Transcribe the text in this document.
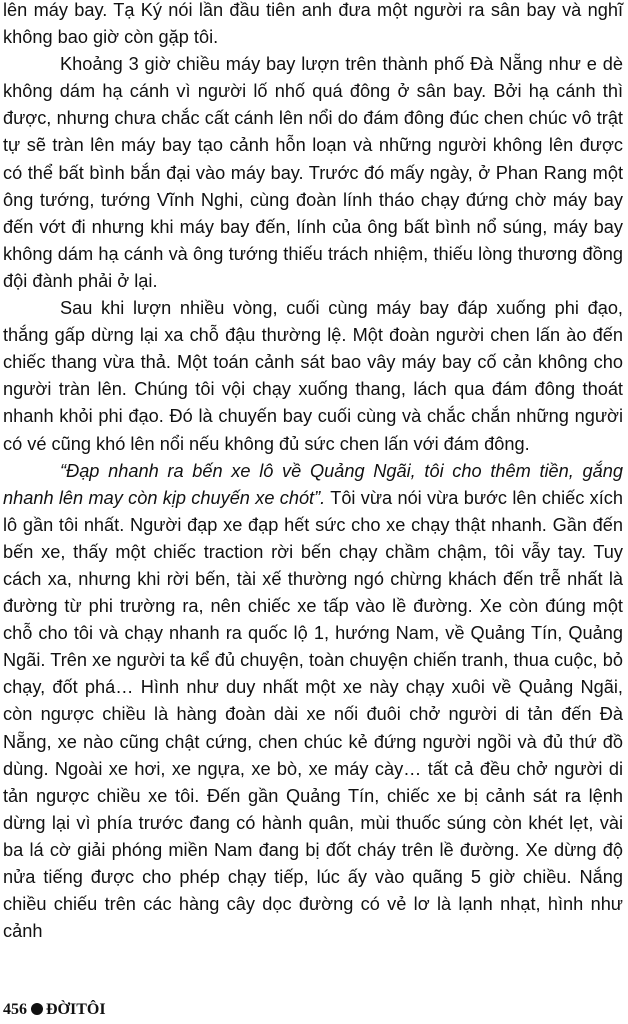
lên máy bay. Tạ Ký nói lần đầu tiên anh đưa một người ra sân bay và nghĩ không bao giờ còn gặp tôi.

Khoảng 3 giờ chiều máy bay lượn trên thành phố Đà Nẵng như e dè không dám hạ cánh vì người lố nhố quá đông ở sân bay. Bởi hạ cánh thì được, nhưng chưa chắc cất cánh lên nổi do đám đông đúc chen chúc vô trật tự sẽ tràn lên máy bay tạo cảnh hỗn loạn và những người không lên được có thể bất bình bắn đại vào máy bay. Trước đó mấy ngày, ở Phan Rang một ông tướng, tướng Vĩnh Nghi, cùng đoàn lính tháo chạy đứng chờ máy bay đến vớt đi nhưng khi máy bay đến, lính của ông bất bình nổ súng, máy bay không dám hạ cánh và ông tướng thiếu trách nhiệm, thiếu lòng thương đồng đội đành phải ở lại.

Sau khi lượn nhiều vòng, cuối cùng máy bay đáp xuống phi đạo, thắng gấp dừng lại xa chỗ đậu thường lệ. Một đoàn người chen lấn ào đến chiếc thang vừa thả. Một toán cảnh sát bao vây máy bay cố cản không cho người tràn lên. Chúng tôi vội chạy xuống thang, lách qua đám đông thoát nhanh khỏi phi đạo. Đó là chuyến bay cuối cùng và chắc chắn những người có vé cũng khó lên nổi nếu không đủ sức chen lấn với đám đông.

“Đạp nhanh ra bến xe lô về Quảng Ngãi, tôi cho thêm tiền, gắng nhanh lên may còn kịp chuyến xe chót”. Tôi vừa nói vừa bước lên chiếc xích lô gần tôi nhất. Người đạp xe đạp hết sức cho xe chạy thật nhanh. Gần đến bến xe, thấy một chiếc traction rời bến chạy chầm chậm, tôi vẫy tay. Tuy cách xa, nhưng khi rời bến, tài xế thường ngó chừng khách đến trễ nhất là đường từ phi trường ra, nên chiếc xe tấp vào lề đường. Xe còn đúng một chỗ cho tôi và chạy nhanh ra quốc lộ 1, hướng Nam, về Quảng Tín, Quảng Ngãi. Trên xe người ta kể đủ chuyện, toàn chuyện chiến tranh, thua cuộc, bỏ chạy, đốt phá… Hình như duy nhất một xe này chạy xuôi về Quảng Ngãi, còn ngược chiều là hàng đoàn dài xe nối đuôi chở người di tản đến Đà Nẵng, xe nào cũng chật cứng, chen chúc kẻ đứng người ngồi và đủ thứ đồ dùng. Ngoài xe hơi, xe ngựa, xe bò, xe máy cày… tất cả đều chở người di tản ngược chiều xe tôi. Đến gần Quảng Tín, chiếc xe bị cảnh sát ra lệnh dừng lại vì phía trước đang có hành quân, mùi thuốc súng còn khét lẹt, vài ba lá cờ giải phóng miền Nam đang bị đốt cháy trên lề đường. Xe dừng độ nửa tiếng được cho phép chạy tiếp, lúc ấy vào quãng 5 giờ chiều. Nắng chiều chiếu trên các hàng cây dọc đường có vẻ lơ là lạnh nhạt, hình như cảnh

456 ĐỜITÔI
